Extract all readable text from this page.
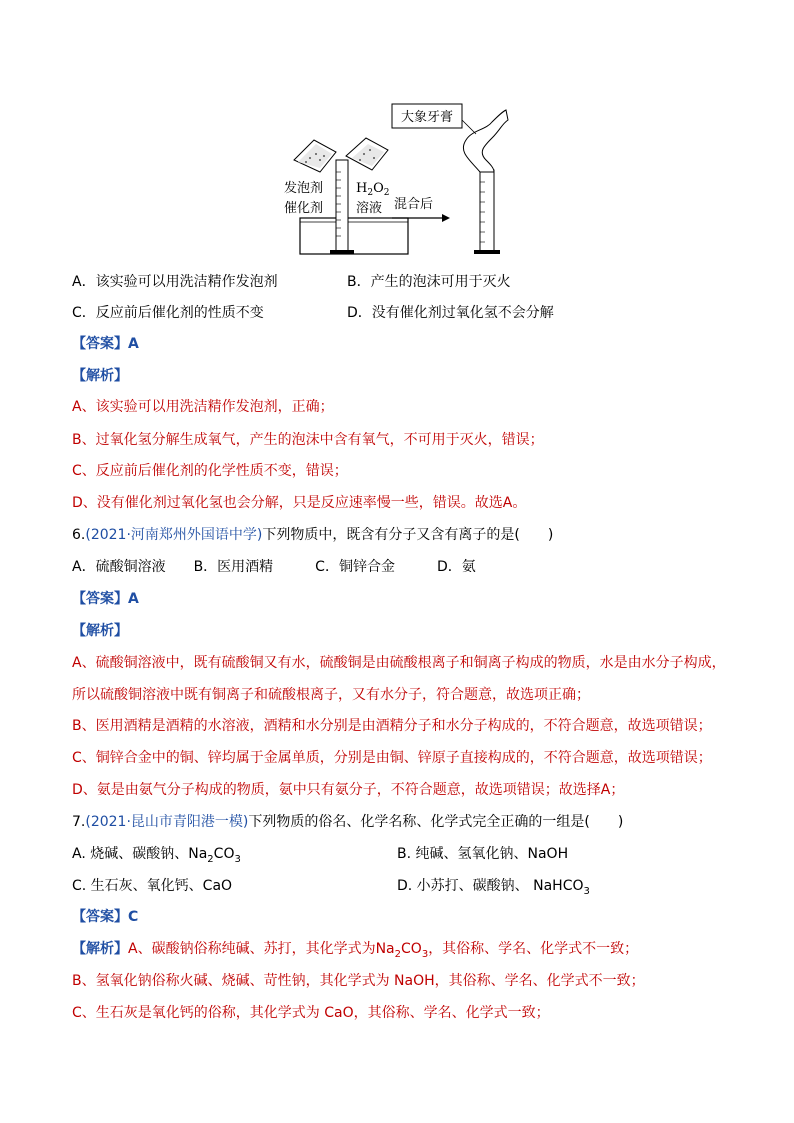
大象牙膏
发泡剂
催化剂
$H_2O_2$
溶液 混合后
A．该实验可以用洗洁精作发泡剂	B．产生的泡沫可用于灭火
C．反应前后催化剂的性质不变	D．没有催化剂过氧化氢不会分解
【答案】A
【解析】
A、该实验可以用洗洁精作发泡剂，正确；
B、过氧化氢分解生成氧气，产生的泡沫中含有氧气，不可用于灭火，错误；
C、反应前后催化剂的化学性质不变，错误；
D、没有催化剂过氧化氢也会分解，只是反应速率慢一些，错误。故选A。
6.(2021·河南郑州外国语中学)下列物质中，既含有分子又含有离子的是(　　)
A．硫酸铜溶液　　B．医用酒精　　　C．铜锌合金　　　D．氨
【答案】A
【解析】
A、硫酸铜溶液中，既有硫酸铜又有水，硫酸铜是由硫酸根离子和铜离子构成的物质，水是由水分子构成，
所以硫酸铜溶液中既有铜离子和硫酸根离子，又有水分子，符合题意，故选项正确；
B、医用酒精是酒精的水溶液，酒精和水分别是由酒精分子和水分子构成的，不符合题意，故选项错误；
C、铜锌合金中的铜、锌均属于金属单质，分别是由铜、锌原子直接构成的，不符合题意，故选项错误；
D、氨是由氨气分子构成的物质，氨中只有氨分子，不符合题意，故选项错误；故选择A；
7.(2021·昆山市青阳港一模)下列物质的俗名、化学名称、化学式完全正确的一组是(　　)
A. 烧碱、碳酸钠、$Na_2CO_3$	B. 纯碱、氢氧化钠、NaOH
C. 生石灰、氧化钙、CaO	D. 小苏打、碳酸钠、 NaHCO$_3$
【答案】C
【解析】A、碳酸钠俗称纯碱、苏打，其化学式为$Na_2CO_3$，其俗称、学名、化学式不一致；
B、氢氧化钠俗称火碱、烧碱、苛性钠，其化学式为 NaOH，其俗称、学名、化学式不一致；
C、生石灰是氧化钙的俗称，其化学式为 CaO，其俗称、学名、化学式一致；
